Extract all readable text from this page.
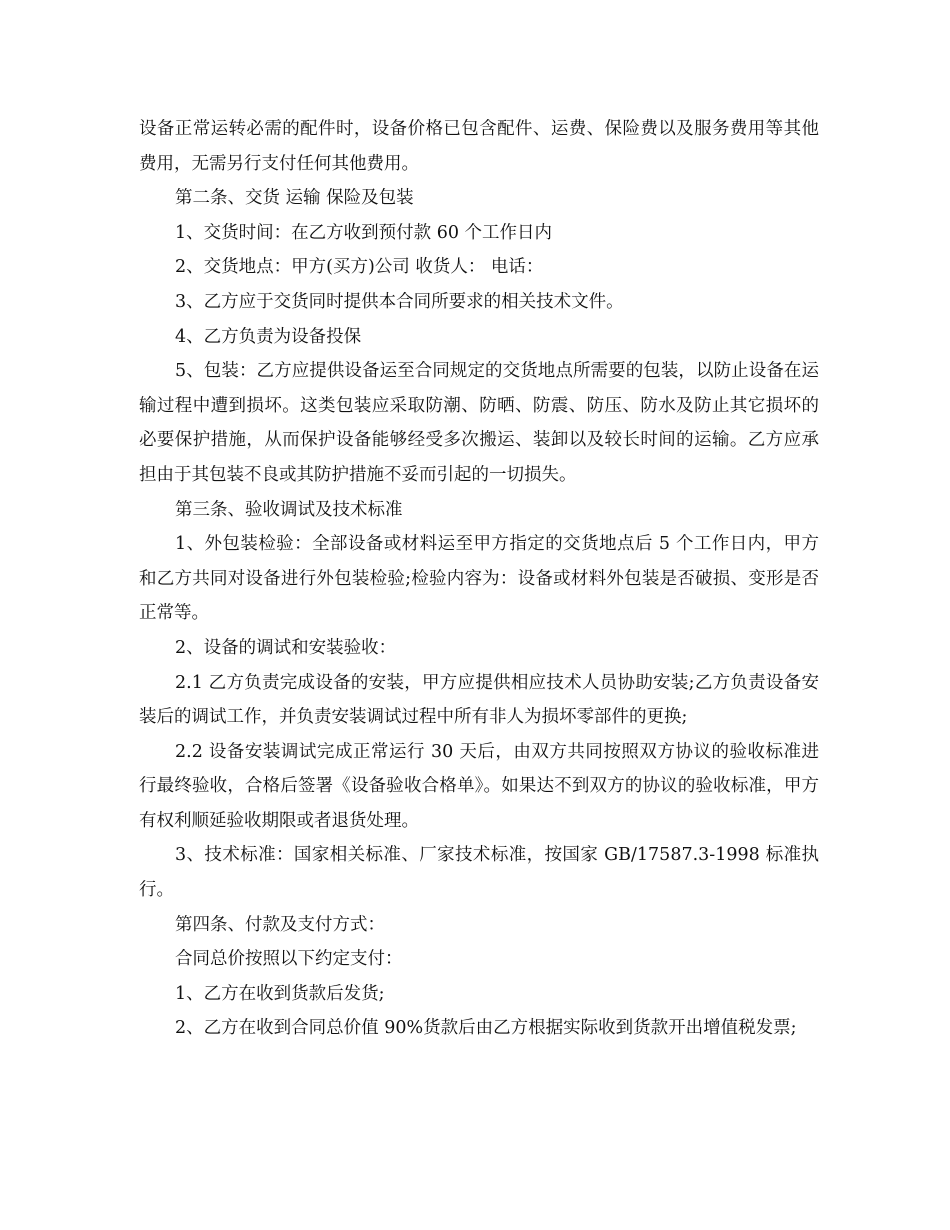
设备正常运转必需的配件时，设备价格已包含配件、运费、保险费以及服务费用等其他费用，无需另行支付任何其他费用。

第二条、交货 运输 保险及包装

1、交货时间：在乙方收到预付款 60 个工作日内

2、交货地点：甲方(买方)公司 收货人： 电话：

3、乙方应于交货同时提供本合同所要求的相关技术文件。

4、乙方负责为设备投保

5、包装：乙方应提供设备运至合同规定的交货地点所需要的包装，以防止设备在运输过程中遭到损坏。这类包装应采取防潮、防晒、防震、防压、防水及防止其它损坏的必要保护措施，从而保护设备能够经受多次搬运、装卸以及较长时间的运输。乙方应承担由于其包装不良或其防护措施不妥而引起的一切损失。

第三条、验收调试及技术标准

1、外包装检验：全部设备或材料运至甲方指定的交货地点后 5 个工作日内，甲方和乙方共同对设备进行外包装检验;检验内容为：设备或材料外包装是否破损、变形是否正常等。

2、设备的调试和安装验收：

2.1 乙方负责完成设备的安装，甲方应提供相应技术人员协助安装;乙方负责设备安装后的调试工作，并负责安装调试过程中所有非人为损坏零部件的更换;

2.2 设备安装调试完成正常运行 30 天后，由双方共同按照双方协议的验收标准进行最终验收，合格后签署《设备验收合格单》。如果达不到双方的协议的验收标准，甲方有权利顺延验收期限或者退货处理。

3、技术标准：国家相关标准、厂家技术标准，按国家 GB/17587.3-1998 标准执行。

第四条、付款及支付方式：

合同总价按照以下约定支付：

1、乙方在收到货款后发货;

2、乙方在收到合同总价值 90%货款后由乙方根据实际收到货款开出增值税发票;
